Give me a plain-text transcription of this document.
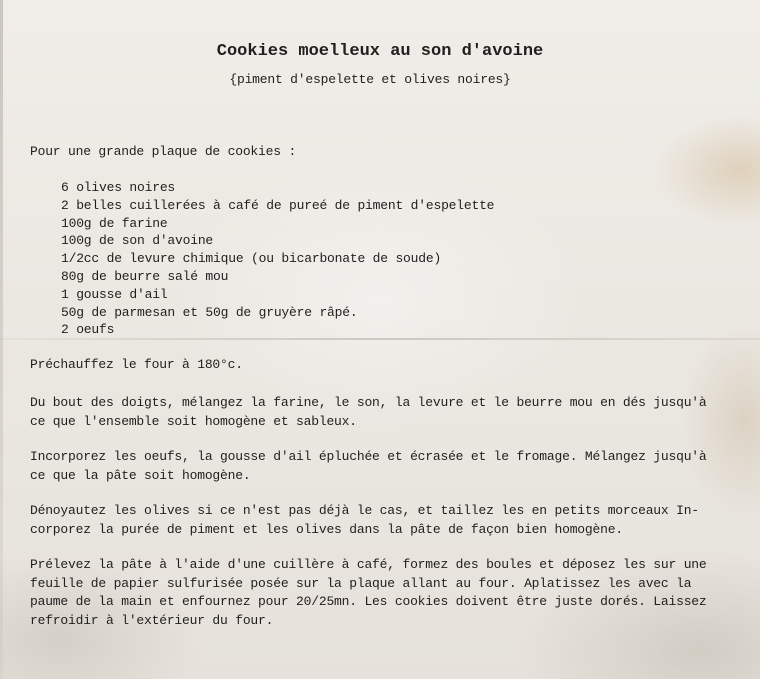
Cookies moelleux au son d'avoine

{piment d'espelette et olives noires}

Pour une grande plaque de cookies :

6 olives noires
2 belles cuillerées à café de pureé de piment d'espelette
100g de farine
100g de son d'avoine
1/2cc de levure chimique (ou bicarbonate de soude)
80g de beurre salé mou
1 gousse d'ail
50g de parmesan et 50g de gruyère râpé.
2 oeufs

Préchauffez le four à 180°c.

Du bout des doigts, mélangez la farine, le son, la levure et le beurre mou en dés jusqu'à
ce que l'ensemble soit homogène et sableux.

Incorporez les oeufs, la gousse d'ail épluchée et écrasée et le fromage. Mélangez jusqu'à
ce que la pâte soit homogène.

Dénoyautez les olives si ce n'est pas déjà le cas, et taillez les en petits morceaux In-
corporez la purée de piment et les olives dans la pâte de façon bien homogène.

Prélevez la pâte à l'aide d'une cuillère à café, formez des boules et déposez les sur une
feuille de papier sulfurisée posée sur la plaque allant au four. Aplatissez les avec la
paume de la main et enfournez pour 20/25mn. Les cookies doivent être juste dorés. Laissez
refroidir à l'extérieur du four.
